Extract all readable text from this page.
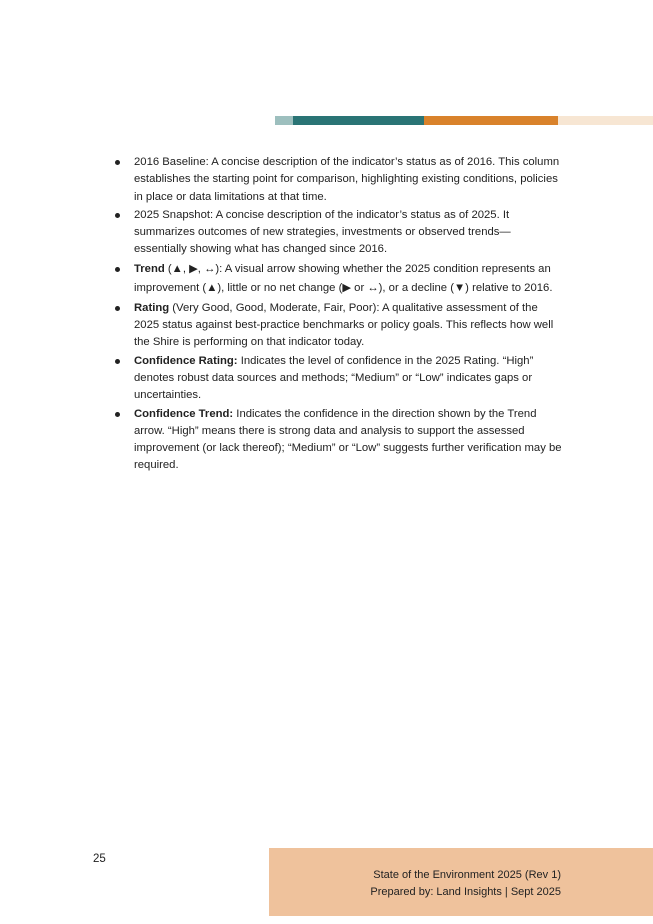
2016 Baseline: A concise description of the indicator’s status as of 2016. This column establishes the starting point for comparison, highlighting existing conditions, policies in place or data limitations at that time.
2025 Snapshot: A concise description of the indicator’s status as of 2025. It summarizes outcomes of new strategies, investments or observed trends—essentially showing what has changed since 2016.
Trend (▲, ▶, ↔): A visual arrow showing whether the 2025 condition represents an improvement (▲), little or no net change (▶ or ↔), or a decline (▼) relative to 2016.
Rating (Very Good, Good, Moderate, Fair, Poor): A qualitative assessment of the 2025 status against best-practice benchmarks or policy goals. This reflects how well the Shire is performing on that indicator today.
Confidence Rating: Indicates the level of confidence in the 2025 Rating. “High” denotes robust data sources and methods; “Medium” or “Low” indicates gaps or uncertainties.
Confidence Trend: Indicates the confidence in the direction shown by the Trend arrow. “High” means there is strong data and analysis to support the assessed improvement (or lack thereof); “Medium” or “Low” suggests further verification may be required.
25
State of the Environment 2025 (Rev 1)
Prepared by: Land Insights | Sept 2025
